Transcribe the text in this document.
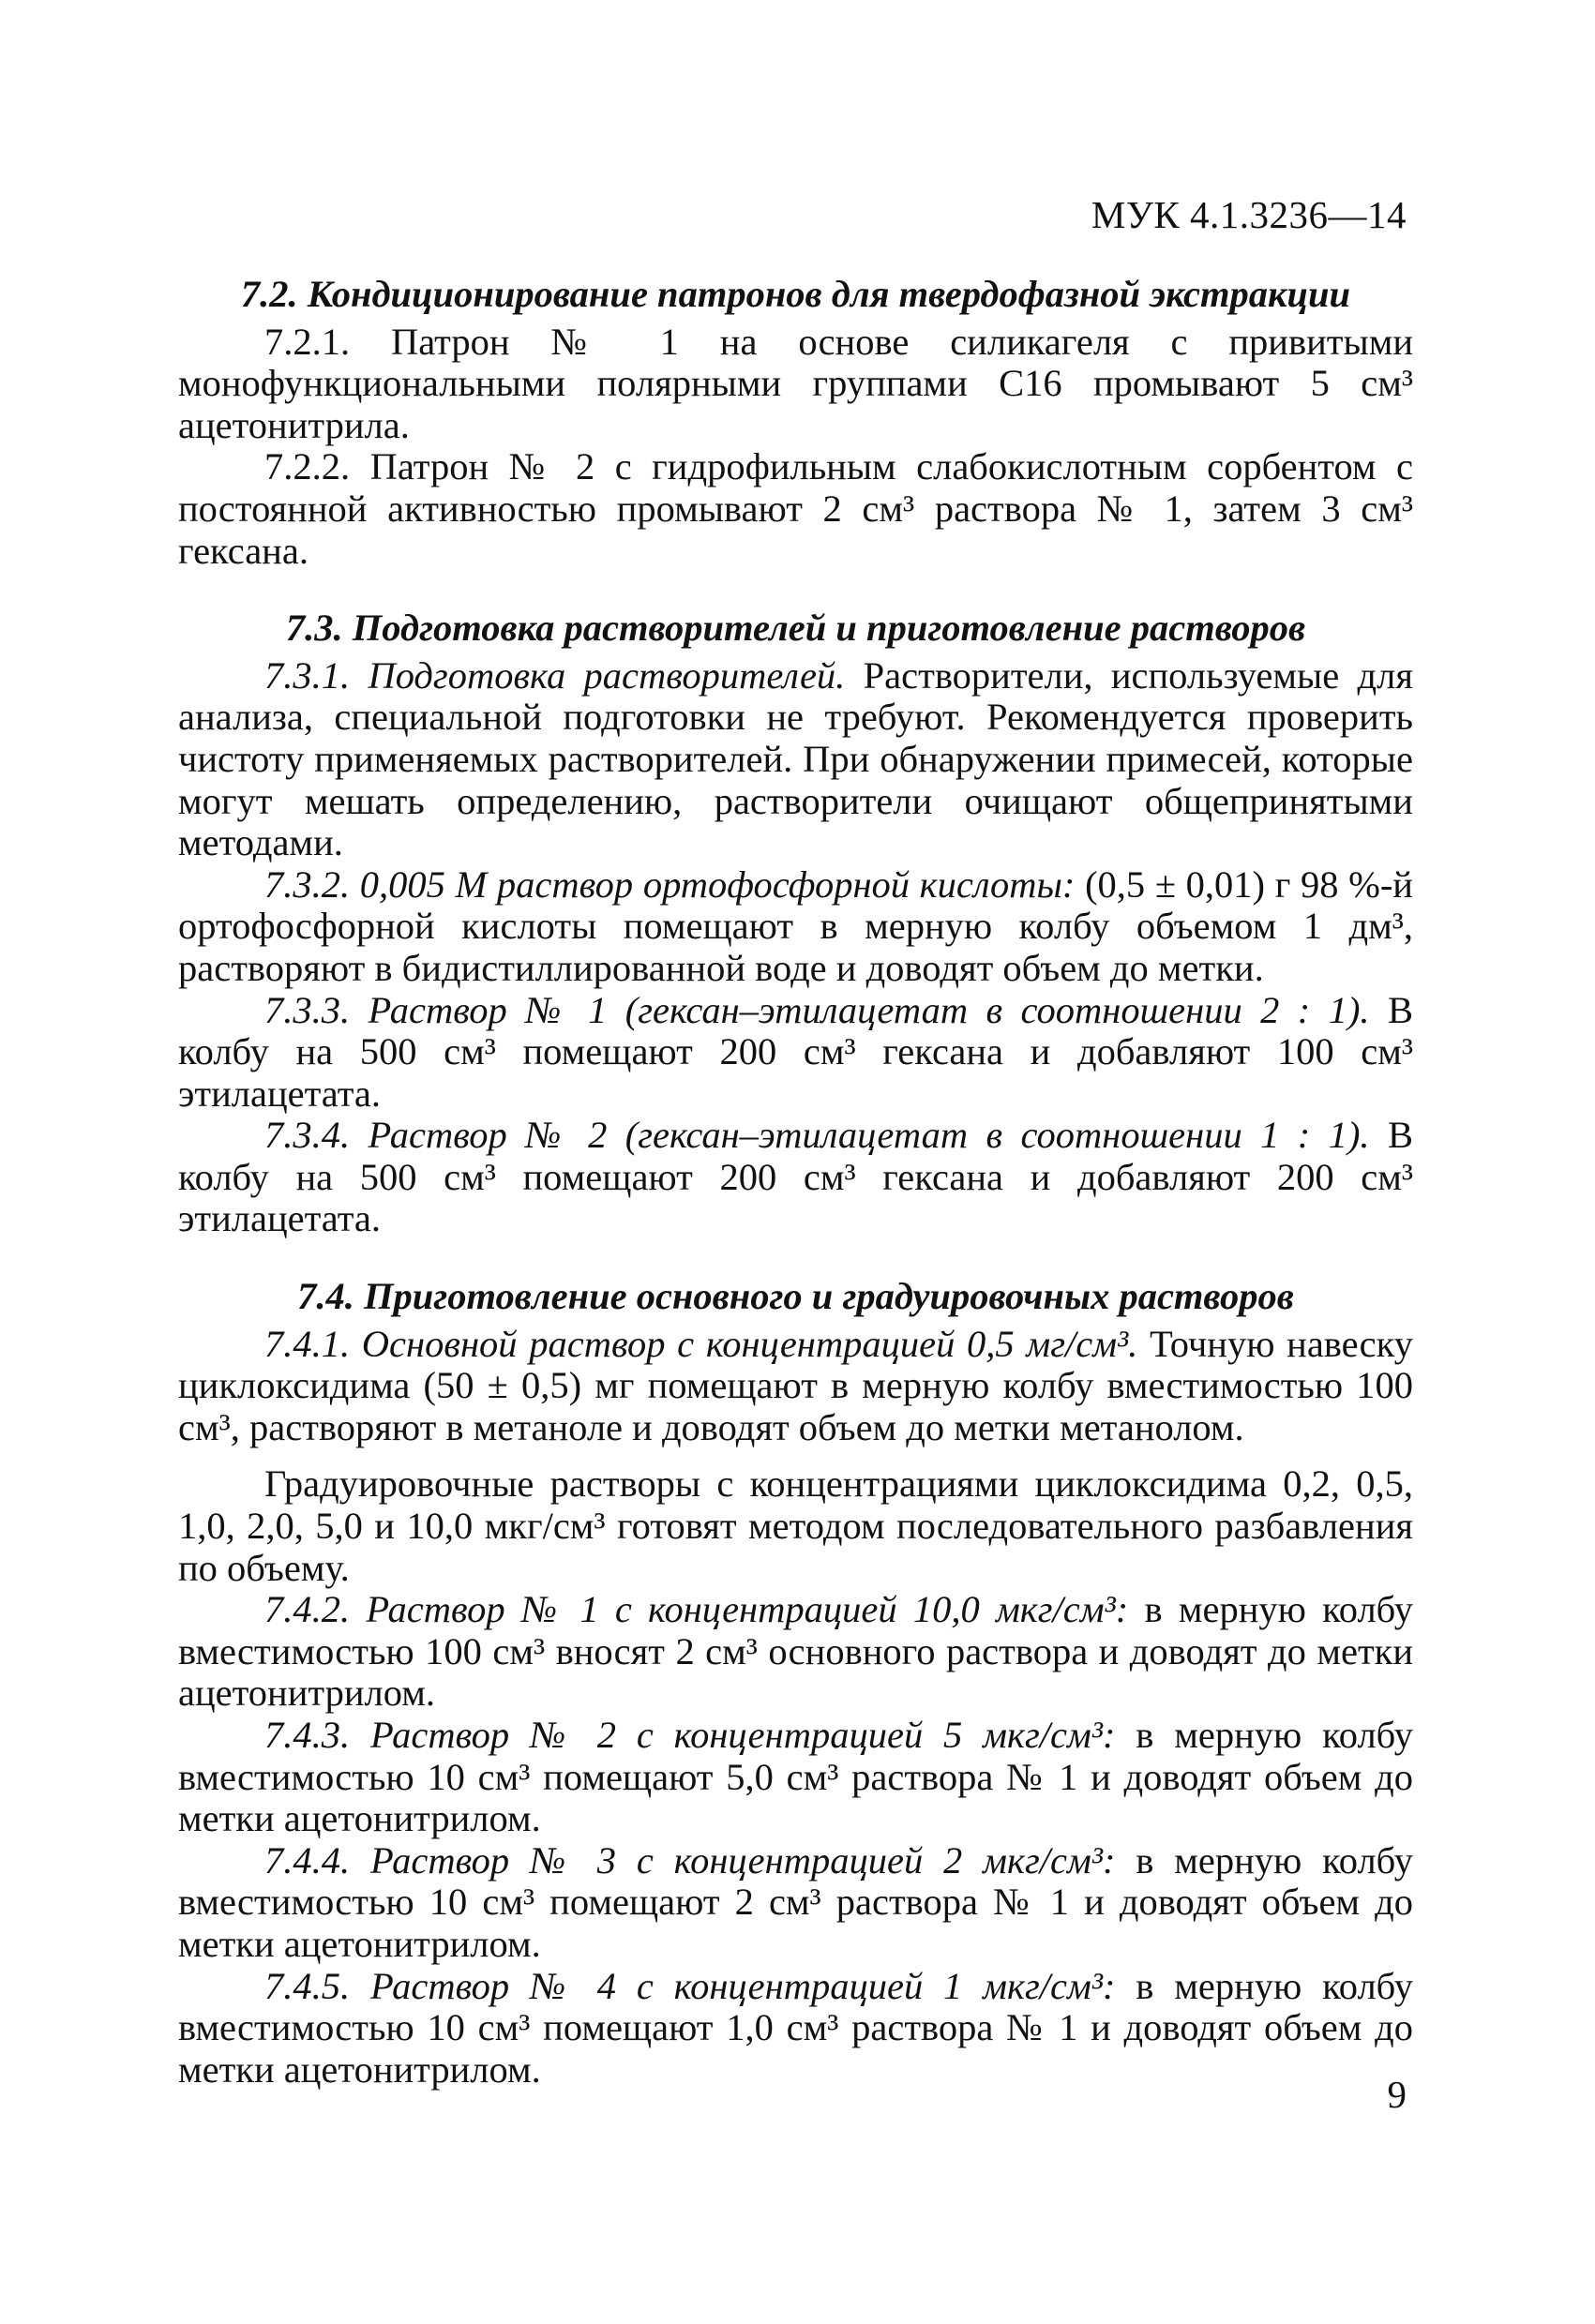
МУК 4.1.3236—14
7.2. Кондиционирование патронов для твердофазной экстракции

7.2.1. Патрон № 1 на основе силикагеля с привитыми монофункциональными полярными группами С16 промывают 5 см³ ацетонитрила.

7.2.2. Патрон № 2 с гидрофильным слабокислотным сорбентом с постоянной активностью промывают 2 см³ раствора № 1, затем 3 см³ гексана.

7.3. Подготовка растворителей и приготовление растворов

7.3.1. Подготовка растворителей. Растворители, используемые для анализа, специальной подготовки не требуют. Рекомендуется проверить чистоту применяемых растворителей. При обнаружении примесей, которые могут мешать определению, растворители очищают общепринятыми методами.

7.3.2. 0,005 М раствор ортофосфорной кислоты: (0,5 ± 0,01) г 98 %-й ортофосфорной кислоты помещают в мерную колбу объемом 1 дм³, растворяют в бидистиллированной воде и доводят объем до метки.

7.3.3. Раствор № 1 (гексан–этилацетат в соотношении 2 : 1). В колбу на 500 см³ помещают 200 см³ гексана и добавляют 100 см³ этилацетата.

7.3.4. Раствор № 2 (гексан–этилацетат в соотношении 1 : 1). В колбу на 500 см³ помещают 200 см³ гексана и добавляют 200 см³ этилацетата.

7.4. Приготовление основного и градуировочных растворов

7.4.1. Основной раствор с концентрацией 0,5 мг/см³. Точную навеску циклоксидима (50 ± 0,5) мг помещают в мерную колбу вместимостью 100 см³, растворяют в метаноле и доводят объем до метки метанолом.

Градуировочные растворы с концентрациями циклоксидима 0,2, 0,5, 1,0, 2,0, 5,0 и 10,0 мкг/см³ готовят методом последовательного разбавления по объему.

7.4.2. Раствор № 1 с концентрацией 10,0 мкг/см³: в мерную колбу вместимостью 100 см³ вносят 2 см³ основного раствора и доводят до метки ацетонитрилом.

7.4.3. Раствор № 2 с концентрацией 5 мкг/см³: в мерную колбу вместимостью 10 см³ помещают 5,0 см³ раствора № 1 и доводят объем до метки ацетонитрилом.

7.4.4. Раствор № 3 с концентрацией 2 мкг/см³: в мерную колбу вместимостью 10 см³ помещают 2 см³ раствора № 1 и доводят объем до метки ацетонитрилом.

7.4.5. Раствор № 4 с концентрацией 1 мкг/см³: в мерную колбу вместимостью 10 см³ помещают 1,0 см³ раствора № 1 и доводят объем до метки ацетонитрилом.

9
